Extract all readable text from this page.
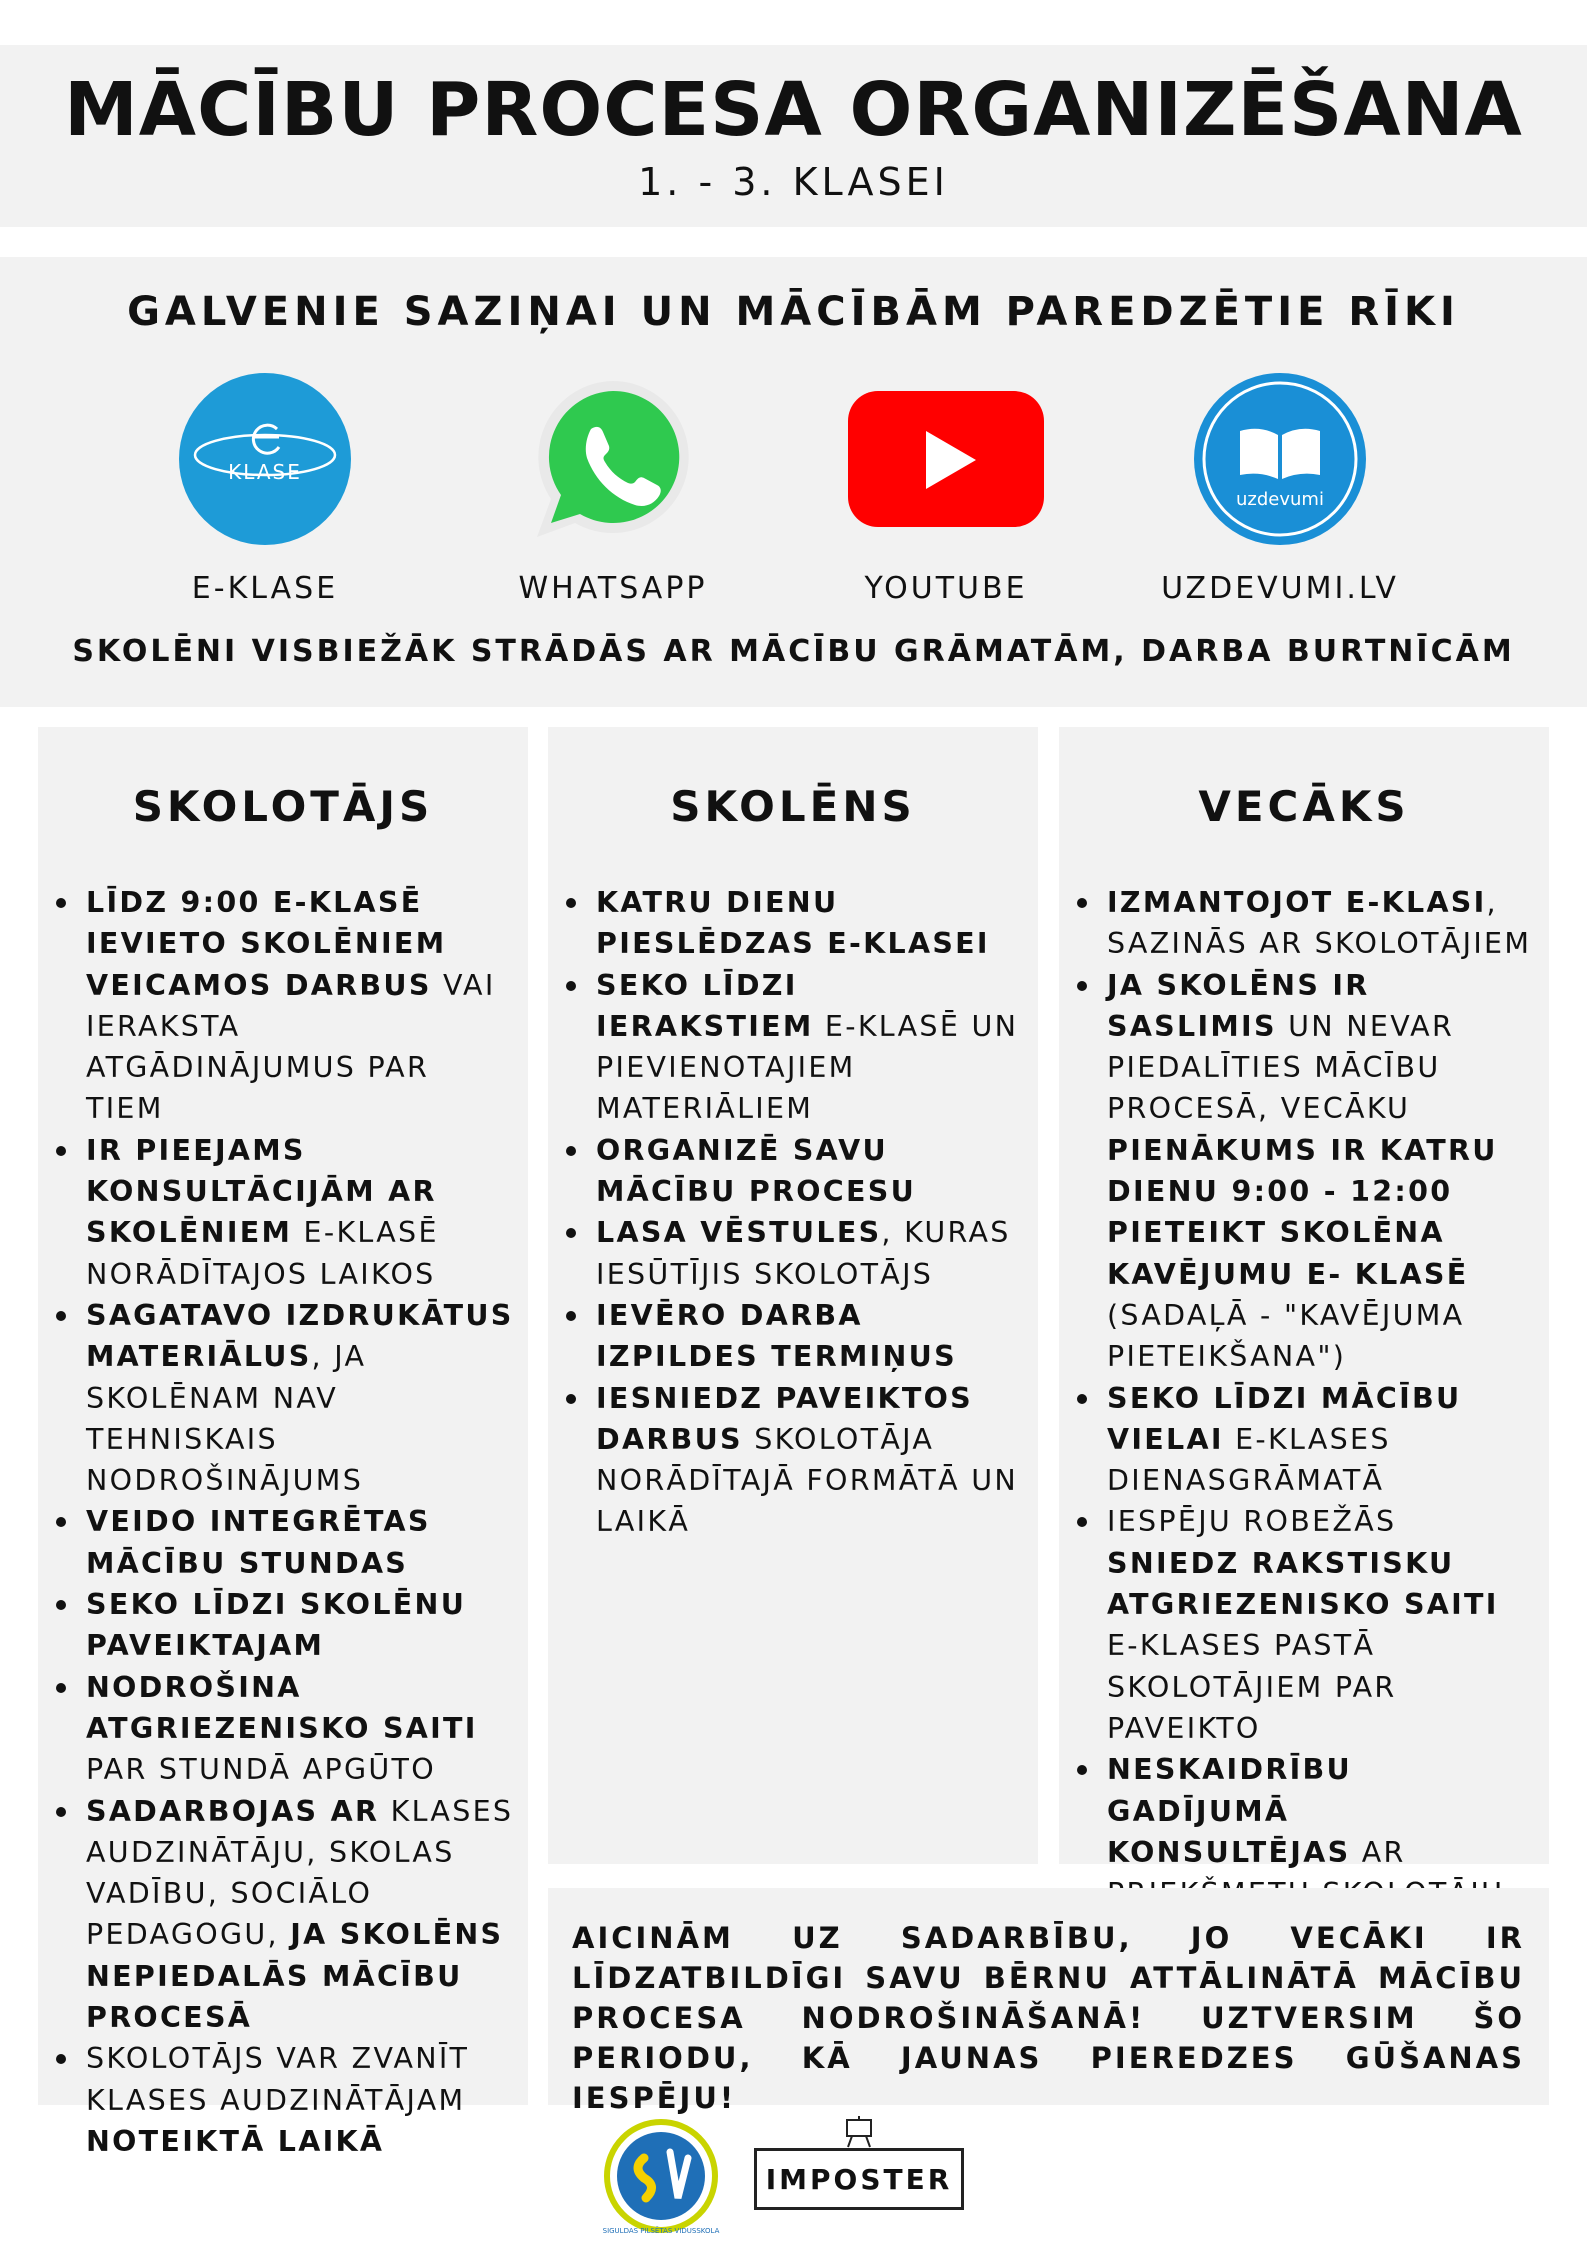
MĀCĪBU PROCESA ORGANIZĒŠANA
1. - 3. KLASEI
GALVENIE SAZIŅAI UN MĀCĪBĀM PAREDZĒTIE RĪKI
KLASE
E-KLASE	WHATSAPP	YOUTUBE
uzdevumi
UZDEVUMI.LV
SKOLĒNI VISBIEŽĀK STRĀDĀS AR MĀCĪBU GRĀMATĀM, DARBA BURTNĪCĀM
SKOLOTĀJS
LĪDZ 9:00 E-KLASĒ IEVIETO SKOLĒNIEM VEICAMOS DARBUS VAI IERAKSTA ATGĀDINĀJUMUS PAR TIEM
IR PIEEJAMS KONSULTĀCIJĀM AR SKOLĒNIEM E-KLASĒ NORĀDĪTAJOS LAIKOS
SAGATAVO IZDRUKĀTUS MATERIĀLUS, JA SKOLĒNAM NAV TEHNISKAIS NODROŠINĀJUMS
VEIDO INTEGRĒTAS MĀCĪBU STUNDAS
SEKO LĪDZI SKOLĒNU PAVEIKTAJAM
NODROŠINA ATGRIEZENISKO SAITI PAR STUNDĀ APGŪTO
SADARBOJAS AR KLASES AUDZINĀTĀJU, SKOLAS VADĪBU, SOCIĀLO PEDAGOGU, JA SKOLĒNS NEPIEDALĀS MĀCĪBU PROCESĀ
SKOLOTĀJS VAR ZVANĪT KLASES AUDZINĀTĀJAM NOTEIKTĀ LAIKĀ
SKOLĒNS
KATRU DIENU PIESLĒDZAS E-KLASEI
SEKO LĪDZI IERAKSTIEM E-KLASĒ UN PIEVIENOTAJIEM MATERIĀLIEM
ORGANIZĒ SAVU MĀCĪBU PROCESU
LASA VĒSTULES, KURAS IESŪTĪJIS SKOLOTĀJS
IEVĒRO DARBA IZPILDES TERMIŅUS
IESNIEDZ PAVEIKTOS DARBUS SKOLOTĀJA NORĀDĪTAJĀ FORMĀTĀ UN LAIKĀ
VECĀKS
IZMANTOJOT E-KLASI, SAZINĀS AR SKOLOTĀJIEM
JA SKOLĒNS IR SASLIMIS UN NEVAR PIEDALĪTIES MĀCĪBU PROCESĀ, VECĀKU PIENĀKUMS IR KATRU DIENU 9:00 - 12:00 PIETEIKT SKOLĒNA KAVĒJUMU E- KLASĒ (SADAĻĀ - "KAVĒJUMA PIETEIKŠANA")
SEKO LĪDZI MĀCĪBU VIELAI E-KLASES DIENASGRĀMATĀ
IESPĒJU ROBEŽĀS SNIEDZ RAKSTISKU ATGRIEZENISKO SAITI E-KLASES PASTĀ SKOLOTĀJIEM PAR PAVEIKTO
NESKAIDRĪBU GADĪJUMĀ KONSULTĒJAS AR

AICINĀM UZ SADARBĪBU, JO VECĀKI IR LĪDZATBILDĪGI SAVU BĒRNU ATTĀLINĀTĀ MĀCĪBU PROCESA NODROŠINĀŠANĀ! UZTVERSIM ŠO PERIODU, KĀ JAUNAS PIEREDZES GŪŠANAS IESPĒJU!

SIGULDAS PILSĒTAS VIDUSSKOLA
IMPOSTER
